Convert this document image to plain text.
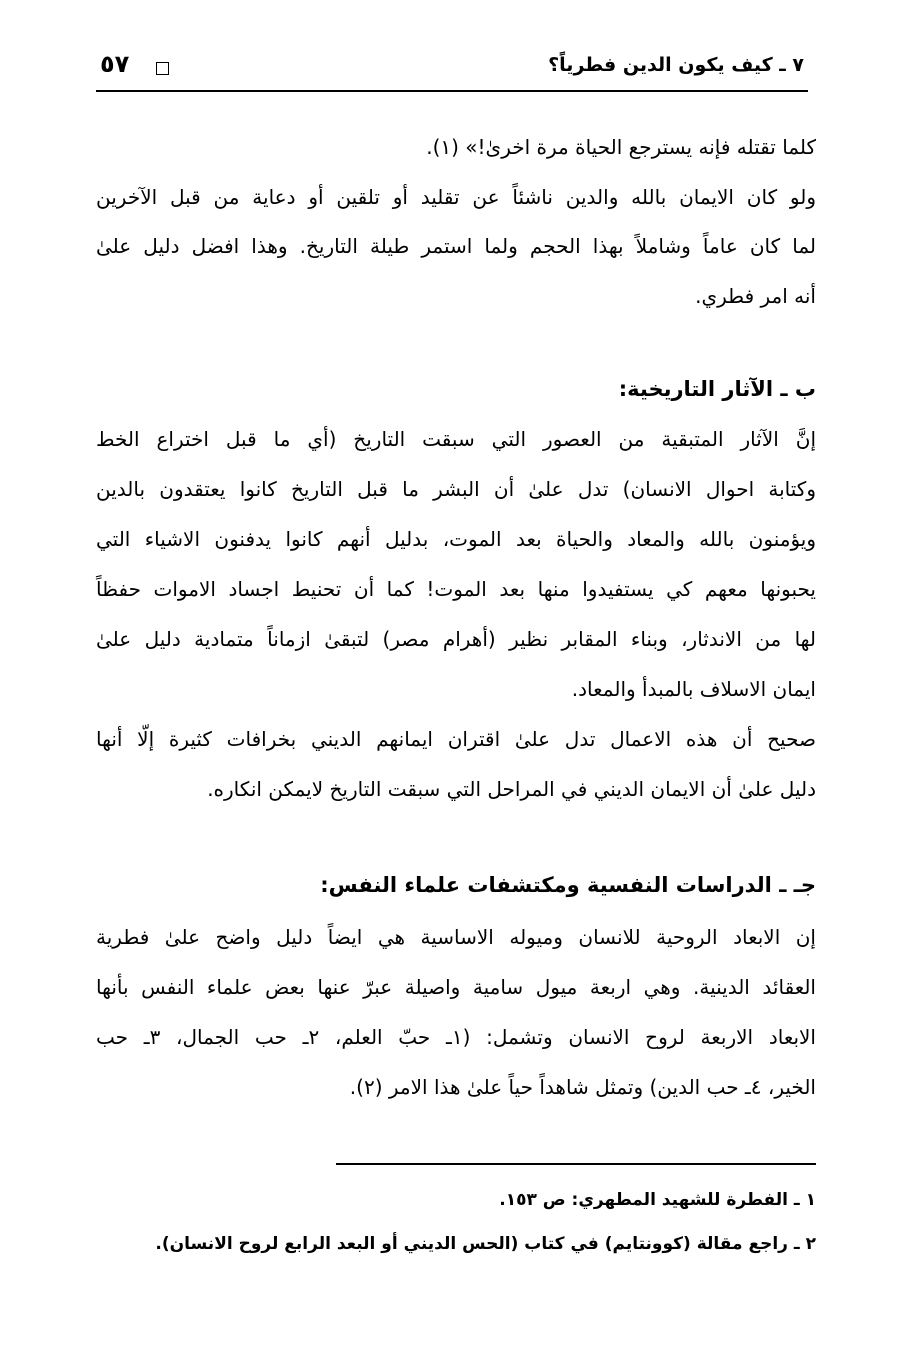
٧ ـ كيف يكون الدين فطرياً؟
٥٧
كلما تقتله فإنه يسترجع الحياة مرة اخرىٰ!» (١).
ولو كان الايمان بالله والدين ناشئاً عن تقليد أو تلقين أو دعاية من قبل الآخرين
لما كان عاماً وشاملاً بهذا الحجم ولما استمر طيلة التاريخ. وهذا افضل دليل علىٰ
أنه امر فطري.
ب ـ الآثار التاريخية:
إنَّ الآثار المتبقية من العصور التي سبقت التاريخ (أي ما قبل اختراع الخط
وكتابة احوال الانسان) تدل علىٰ أن البشر ما قبل التاريخ كانوا يعتقدون بالدين
ويؤمنون بالله والمعاد والحياة بعد الموت، بدليل أنهم كانوا يدفنون الاشياء التي
يحبونها معهم كي يستفيدوا منها بعد الموت! كما أن تحنيط اجساد الاموات حفظاً
لها من الاندثار، وبناء المقابر نظير (أهرام مصر) لتبقىٰ ازماناً متمادية دليل علىٰ
ايمان الاسلاف بالمبدأ والمعاد.
صحيح أن هذه الاعمال تدل علىٰ اقتران ايمانهم الديني بخرافات كثيرة إلّا أنها
دليل علىٰ أن الايمان الديني في المراحل التي سبقت التاريخ لايمكن انكاره.
جـ ـ الدراسات النفسية ومكتشفات علماء النفس:
إن الابعاد الروحية للانسان وميوله الاساسية هي ايضاً دليل واضح علىٰ فطرية
العقائد الدينية. وهي اربعة ميول سامية واصيلة عبرّ عنها بعض علماء النفس بأنها
الابعاد الاربعة لروح الانسان وتشمل: (١ـ حبّ العلم، ٢ـ حب الجمال، ٣ـ حب
الخير، ٤ـ حب الدين) وتمثل شاهداً حياً علىٰ هذا الامر (٢).
١ ـ الفطرة للشهيد المطهري: ص ١٥٣.
٢ ـ راجع مقالة (كوونتايم) في كتاب (الحس الديني أو البعد الرابع لروح الانسان).
